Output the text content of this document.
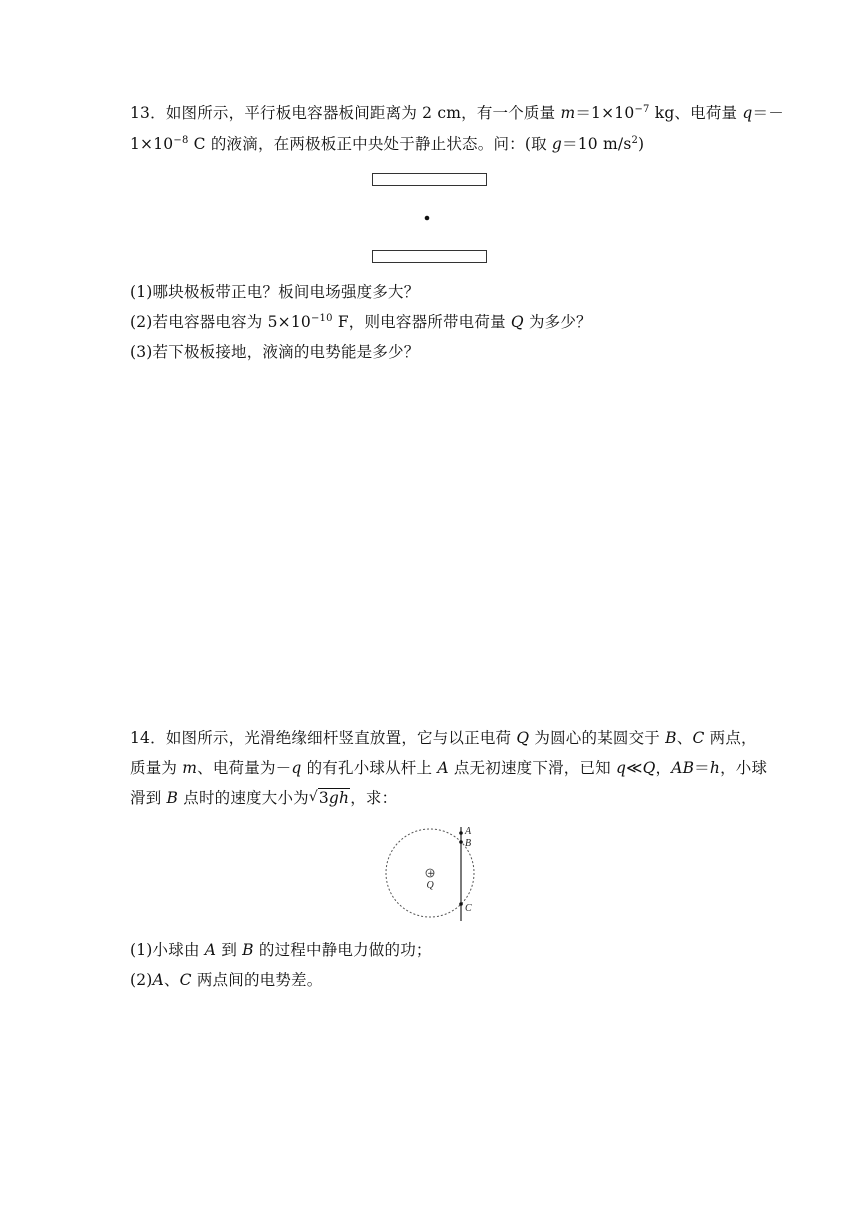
13．如图所示，平行板电容器板间距离为 2 cm，有一个质量 $m=1\times 10^{-7}$ kg、电荷量 q＝－
$1\times 10^{-8}$ C 的液滴，在两极板正中央处于静止状态。问：(取 g＝10 $m/s^2$)
(1)哪块极板带正电？板间电场强度多大？
(2)若电容器电容为 $5\times 10^{-10}$ F，则电容器所带电荷量 Q 为多少？
(3)若下极板接地，液滴的电势能是多少？
14．如图所示，光滑绝缘细杆竖直放置，它与以正电荷 Q 为圆心的某圆交于 B、C 两点，
质量为 m、电荷量为－q 的有孔小球从杆上 A 点无初速度下滑，已知 q≪Q，AB＝h，小球
滑到 B 点时的速度大小为 √ 3gh，求：
A
B
C
+
Q
(1)小球由 A 到 B 的过程中静电力做的功；
(2)A、C 两点间的电势差。
